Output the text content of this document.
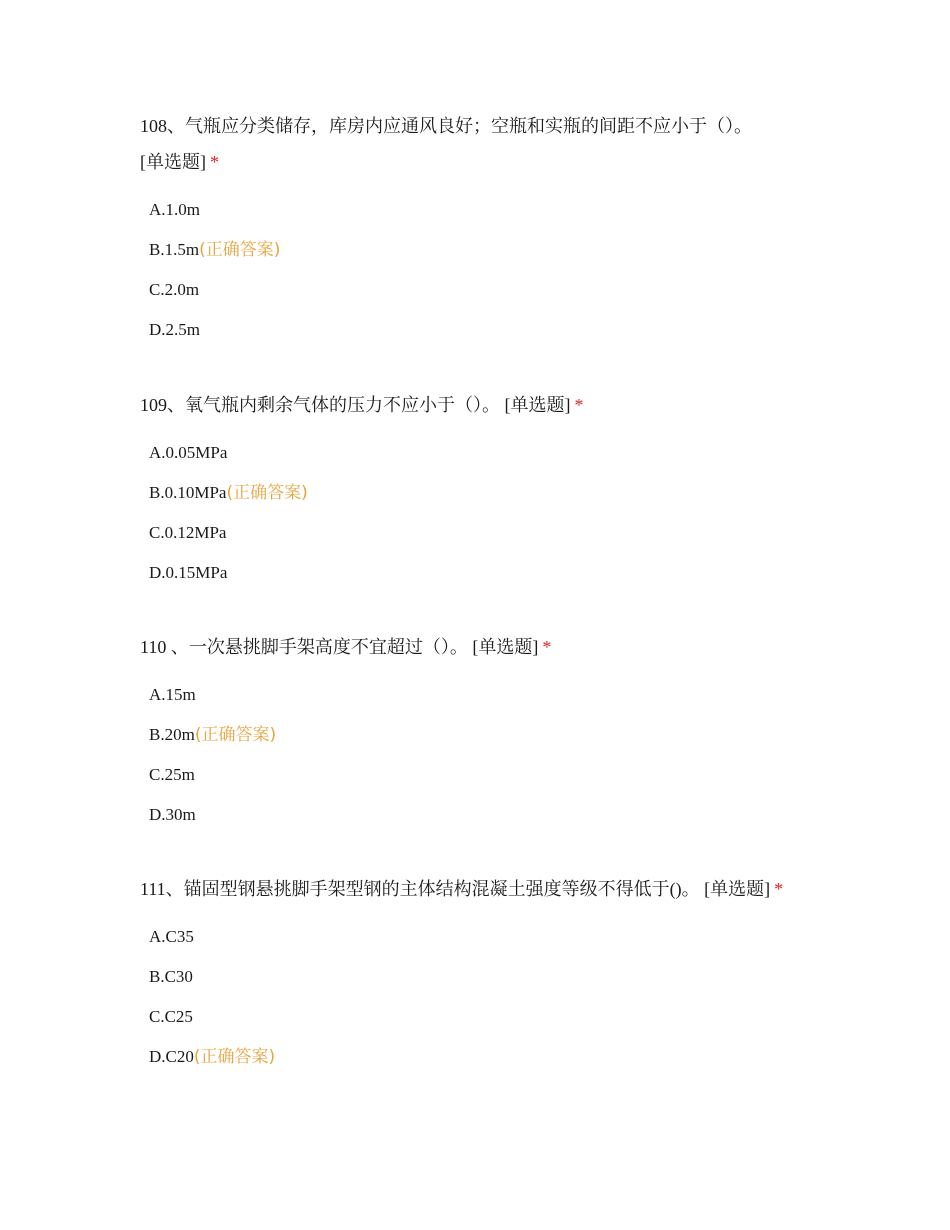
108、气瓶应分类储存，库房内应通风良好；空瓶和实瓶的间距不应小于（）。
[单选题] *
A.1.0m
B.1.5m(正确答案)
C.2.0m
D.2.5m
109、氧气瓶内剩余气体的压力不应小于（）。 [单选题] *
A.0.05MPa
B.0.10MPa(正确答案)
C.0.12MPa
D.0.15MPa
110 、一次悬挑脚手架高度不宜超过（）。 [单选题] *
A.15m
B.20m(正确答案)
C.25m
D.30m
111、锚固型钢悬挑脚手架型钢的主体结构混凝土强度等级不得低于()。 [单选题] *
A.C35
B.C30
C.C25
D.C20(正确答案)
